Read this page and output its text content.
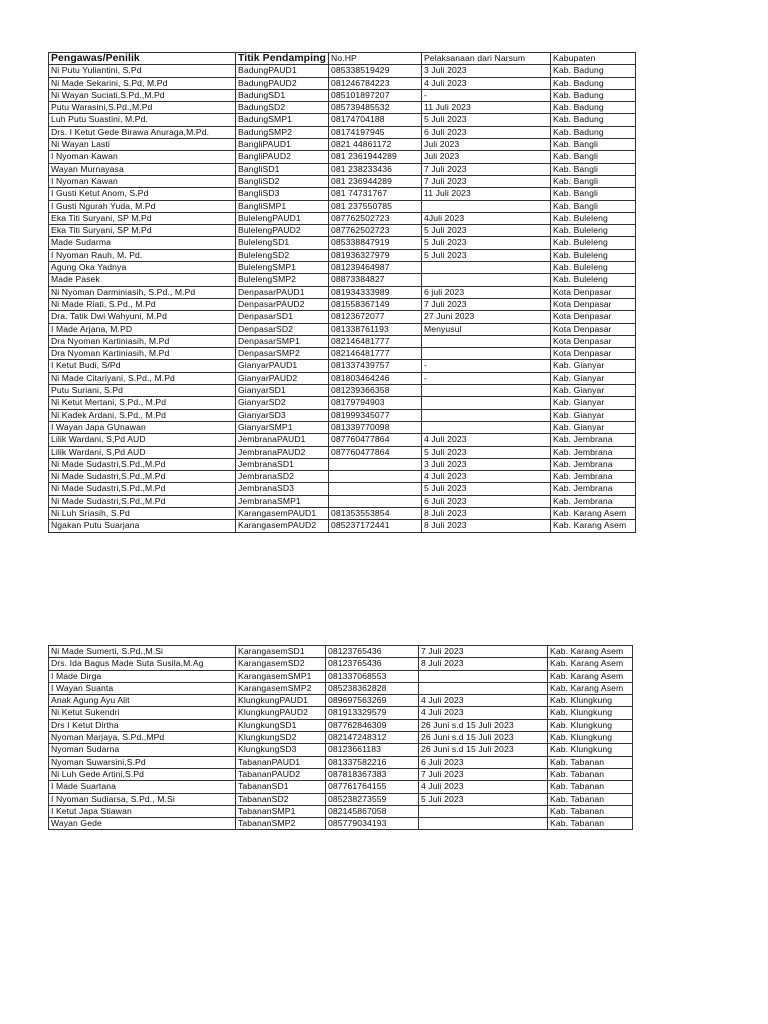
Pengawas/Penilik	Titik Pendamping	No.HP	Pelaksanaan dari Narsum	Kabupaten
Ni Putu Yuliantini, S.Pd	BadungPAUD1	085338519429	3 Juli 2023	Kab. Badung
Ni Made Sekarini, S.Pd, M.Pd	BadungPAUD2	081246784223	4 Juli 2023	Kab. Badung
Ni Wayan Suciati,S.Pd.,M.Pd	BadungSD1	085101897207	-	Kab. Badung
Putu Warasini,S.Pd.,M.Pd	BadungSD2	085739485532	11 Juli 2023	Kab. Badung
Luh Putu Suastini, M.Pd.	BadungSMP1	08174704188	5 Juli 2023	Kab. Badung
Drs. I Ketut Gede Birawa Anuraga,M.Pd.	BadungSMP2	08174197945	6 Juli 2023	Kab. Badung
Ni Wayan Lasti	BangliPAUD1	0821 44861172	Juli 2023	Kab. Bangli
I Nyoman Kawan	BangliPAUD2	081 2361944289	Juli 2023	Kab. Bangli
Wayan Murnayasa	BangliSD1	081 238233436	7 Juli 2023	Kab. Bangli
I Nyoman Kawan	BangliSD2	081 236944289	7 Juli 2023	Kab. Bangli
I Gusti Ketut Anom, S.Pd	BangliSD3	081 74731767	11 Juli 2023	Kab. Bangli
I Gusti Ngurah Yuda, M.Pd	BangliSMP1	081 237550785		Kab. Bangli
Eka Titi Suryani, SP M.Pd	BulelengPAUD1	087762502723	4Juli 2023	Kab. Buleleng
Eka Titi Suryani, SP M.Pd	BulelengPAUD2	087762502723	5 Juli 2023	Kab. Buleleng
Made Sudarma	BulelengSD1	085338847919	5 Juli 2023	Kab. Buleleng
I Nyoman Rauh, M. Pd.	BulelengSD2	081936327979	5 Juli 2023	Kab. Buleleng
Agung Oka Yadnya	BulelengSMP1	081239464987		Kab. Buleleng
Made Pasek	BulelengSMP2	08873384827		Kab. Buleleng
Ni Nyoman Darminiasih, S.Pd., M.Pd	DenpasarPAUD1	081934333989	6 juli 2023	Kota Denpasar
Ni Made Riati, S.Pd., M.Pd	DenpasarPAUD2	081558367149	7 Juli 2023	Kota Denpasar
Dra. Tatik Dwi Wahyuni, M.Pd	DenpasarSD1	08123672077	27 Juni 2023	Kota Denpasar
I Made Arjana, M.PD	DenpasarSD2	081338761193	Menyusul	Kota Denpasar
Dra Nyoman Kartiniasih, M.Pd	DenpasarSMP1	082146481777		Kota Denpasar
Dra Nyoman Kartiniasih, M.Pd	DenpasarSMP2	082146481777		Kota Denpasar
I Ketut Budi, S/Pd	GianyarPAUD1	081337439757	-	Kab. Gianyar
Ni Made Citariyani, S.Pd., M.Pd	GianyarPAUD2	081803464246	-	Kab. Gianyar
Putu Suriani, S.Pd	GianyarSD1	081239366358		Kab. Gianyar
Ni Ketut Mertani, S.Pd., M.Pd	GianyarSD2	08179794903		Kab. Gianyar
Ni Kadek Ardani, S.Pd., M.Pd	GianyarSD3	081999345077		Kab. Gianyar
I Wayan Japa GUnawan	GianyarSMP1	081339770098		Kab. Gianyar
Lilik Wardani, S,Pd AUD	JembranaPAUD1	087760477864	4 Juli 2023	Kab. Jembrana
Lilik Wardani, S,Pd AUD	JembranaPAUD2	087760477864	5 Juli 2023	Kab. Jembrana
Ni Made Sudastri,S.Pd.,M.Pd	JembranaSD1		3 Juli 2023	Kab. Jembrana
Ni Made Sudastri,S.Pd.,M.Pd	JembranaSD2		4 Juli 2023	Kab. Jembrana
Ni Made Sudastri,S.Pd.,M.Pd	JembranaSD3		5 Juli 2023	Kab. Jembrana
Ni Made Sudastri,S.Pd.,M.Pd	JembranaSMP1		6 Juli 2023	Kab. Jembrana
Ni Luh Sriasih, S.Pd	KarangasemPAUD1	081353553854	8 Juli 2023	Kab. Karang Asem
Ngakan Putu Suarjana	KarangasemPAUD2	085237172441	8 Juli 2023	Kab. Karang Asem
Ni Made Sumerti, S.Pd.,M.Si	KarangasemSD1	08123765436	7 Juli 2023	Kab. Karang Asem
Drs. Ida Bagus Made Suta Susila,M.Ag	KarangasemSD2	08123765436	8 Juli 2023	Kab. Karang Asem
I Made Dirga	KarangasemSMP1	081337068553		Kab. Karang Asem
I Wayan Suanta	KarangasemSMP2	085238362828		Kab. Karang Asem
Anak Agung Ayu Alit	KlungkungPAUD1	089697563269	4 Juli 2023	Kab. Klungkung
Ni Ketut Sukendri	KlungkungPAUD2	081913329579	4 Juli 2023	Kab. Klungkung
Drs I Ketut Dirtha	KlungkungSD1	087762846309	26 Juni s.d 15 Juli 2023	Kab. Klungkung
Nyoman Marjaya, S.Pd.,MPd	KlungkungSD2	082147248312	26 Juni s.d 15 Juli 2023	Kab. Klungkung
Nyoman Sudarna	KlungkungSD3	08123661183	26 Juni s.d 15 Juli 2023	Kab. Klungkung
Nyoman Suwarsini,S.Pd	TabananPAUD1	081337582216	6 Juli 2023	Kab. Tabanan
Ni Luh Gede Artini,S.Pd	TabananPAUD2	087818367383	7 Juli 2023	Kab. Tabanan
I Made Suartana	TabananSD1	087761764155	4 Juli 2023	Kab. Tabanan
I Nyoman Sudiarsa, S.Pd., M.Si	TabananSD2	085238273559	5 Juli 2023	Kab. Tabanan
I Ketut Japa Stiawan	TabananSMP1	082145867058		Kab. Tabanan
Wayan Gede	TabananSMP2	085779034193		Kab. Tabanan
